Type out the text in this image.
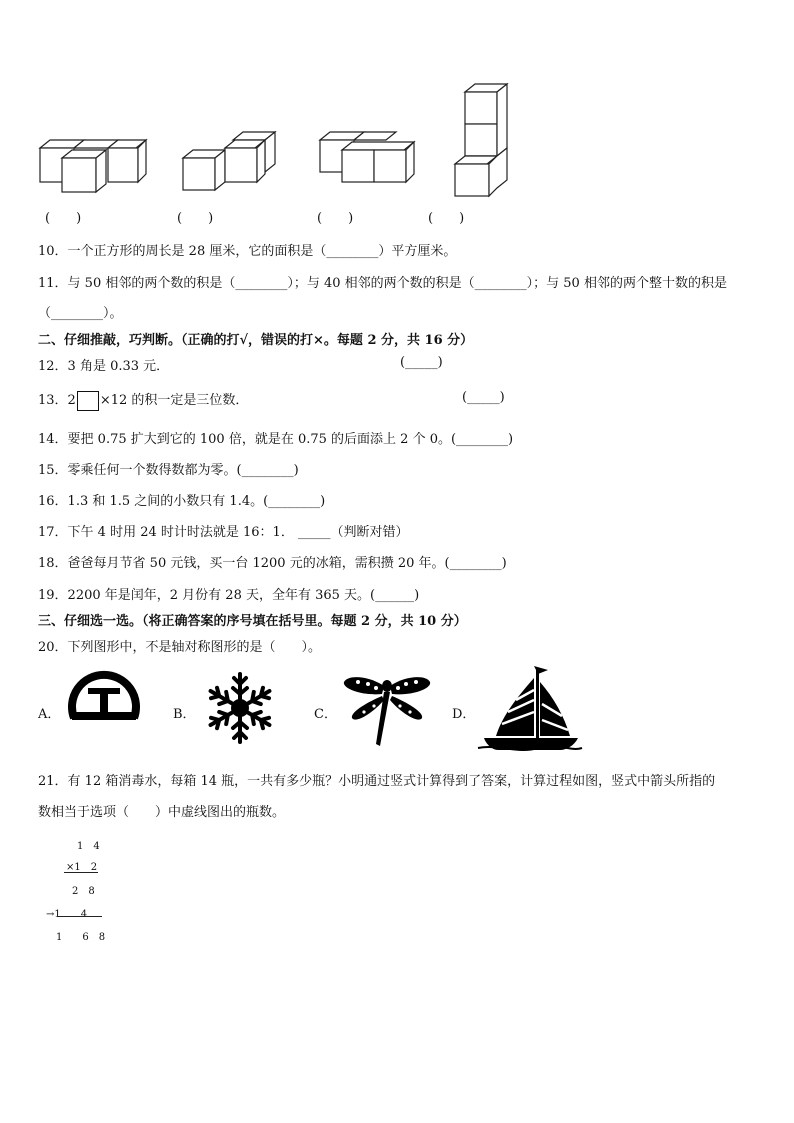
(　　)	(　　)	(　　)	(　　)
10．一个正方形的周长是 28 厘米，它的面积是（________）平方厘米。
11．与 50 相邻的两个数的积是（________）；与 40 相邻的两个数的积是（________）；与 50 相邻的两个整十数的积是
（________）。
二、仔细推敲，巧判断。（正确的打√，错误的打×。每题 2 分，共 16 分）
12．3 角是 0.33 元．	(_____)
13．2 ×12 的积一定是三位数．	(_____)
14．要把 0.75 扩大到它的 100 倍，就是在 0.75 的后面添上 2 个 0。(________)
15．零乘任何一个数得数都为零。(________)
16．1.3 和 1.5 之间的小数只有 1.4。(________)
17．下午 4 时用 24 时计时法就是 16：1． _____（判断对错）
18．爸爸每月节省 50 元钱，买一台 1200 元的冰箱，需积攒 20 年。(________)
19．2200 年是闰年，2 月份有 28 天，全年有 365 天。(______)
三、仔细选一选。（将正确答案的序号填在括号里。每题 2 分，共 10 分）
20．下列图形中，不是轴对称图形的是（　　）。
A．	B．	C．	D．
21．有 12 箱消毒水，每箱 14 瓶，一共有多少瓶？小明通过竖式计算得到了答案，计算过程如图，竖式中箭头所指的
数相当于选项（　　）中虚线图出的瓶数。
1　4
×1　2
2　8
→1　　4
1　　6　8
